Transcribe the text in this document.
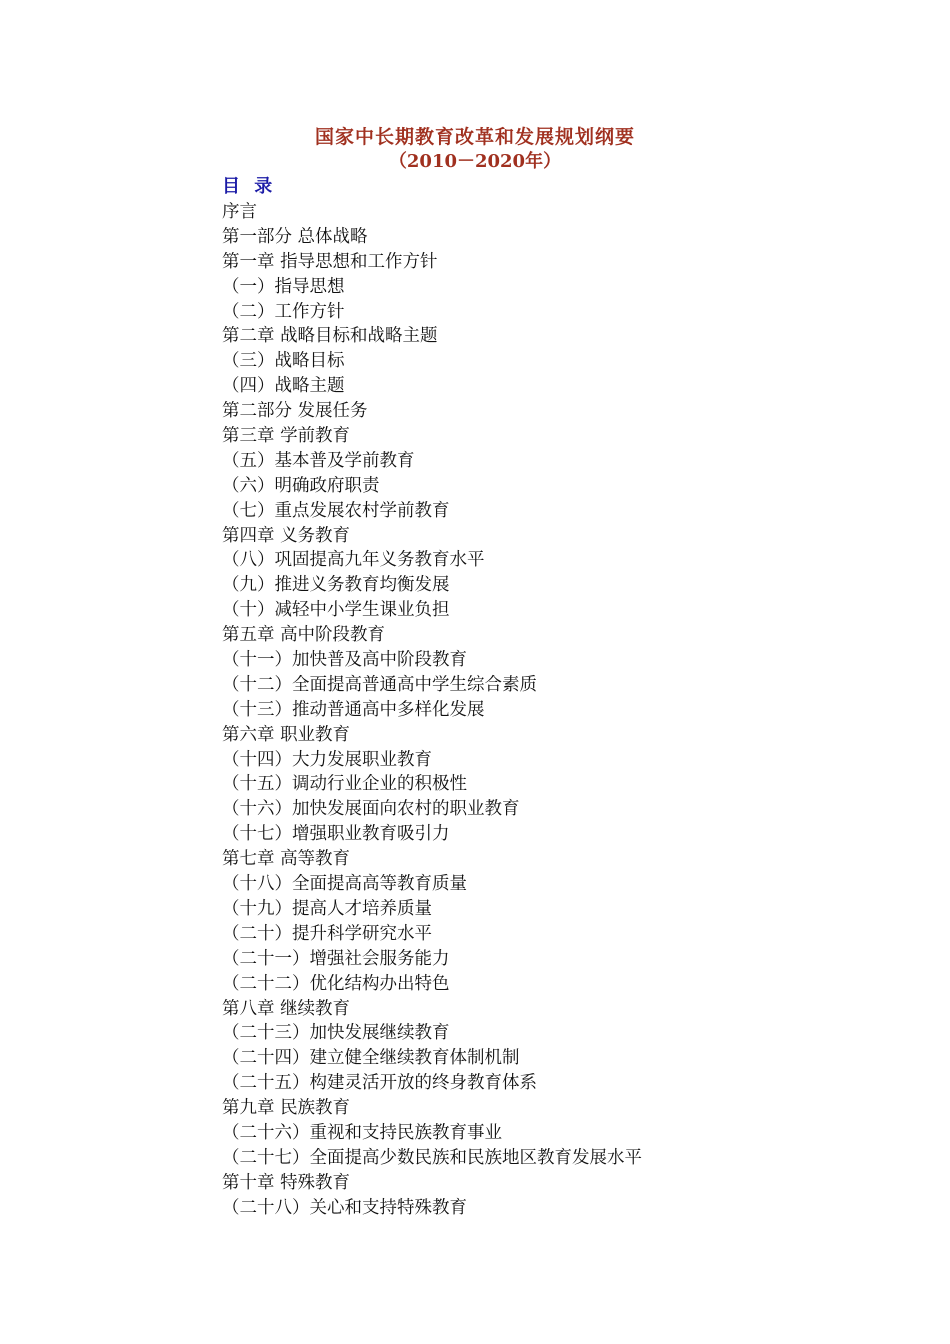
国家中长期教育改革和发展规划纲要
（2010－2020年）
目 录
序言
第一部分 总体战略
第一章 指导思想和工作方针
（一）指导思想
（二）工作方针
第二章 战略目标和战略主题
（三）战略目标
（四）战略主题
第二部分 发展任务
第三章 学前教育
（五）基本普及学前教育
（六）明确政府职责
（七）重点发展农村学前教育
第四章 义务教育
（八）巩固提高九年义务教育水平
（九）推进义务教育均衡发展
（十）减轻中小学生课业负担
第五章 高中阶段教育
（十一）加快普及高中阶段教育
（十二）全面提高普通高中学生综合素质
（十三）推动普通高中多样化发展
第六章 职业教育
（十四）大力发展职业教育
（十五）调动行业企业的积极性
（十六）加快发展面向农村的职业教育
（十七）增强职业教育吸引力
第七章 高等教育
（十八）全面提高高等教育质量
（十九）提高人才培养质量
（二十）提升科学研究水平
（二十一）增强社会服务能力
（二十二）优化结构办出特色
第八章 继续教育
（二十三）加快发展继续教育
（二十四）建立健全继续教育体制机制
（二十五）构建灵活开放的终身教育体系
第九章 民族教育
（二十六）重视和支持民族教育事业
（二十七）全面提高少数民族和民族地区教育发展水平
第十章 特殊教育
（二十八）关心和支持特殊教育
